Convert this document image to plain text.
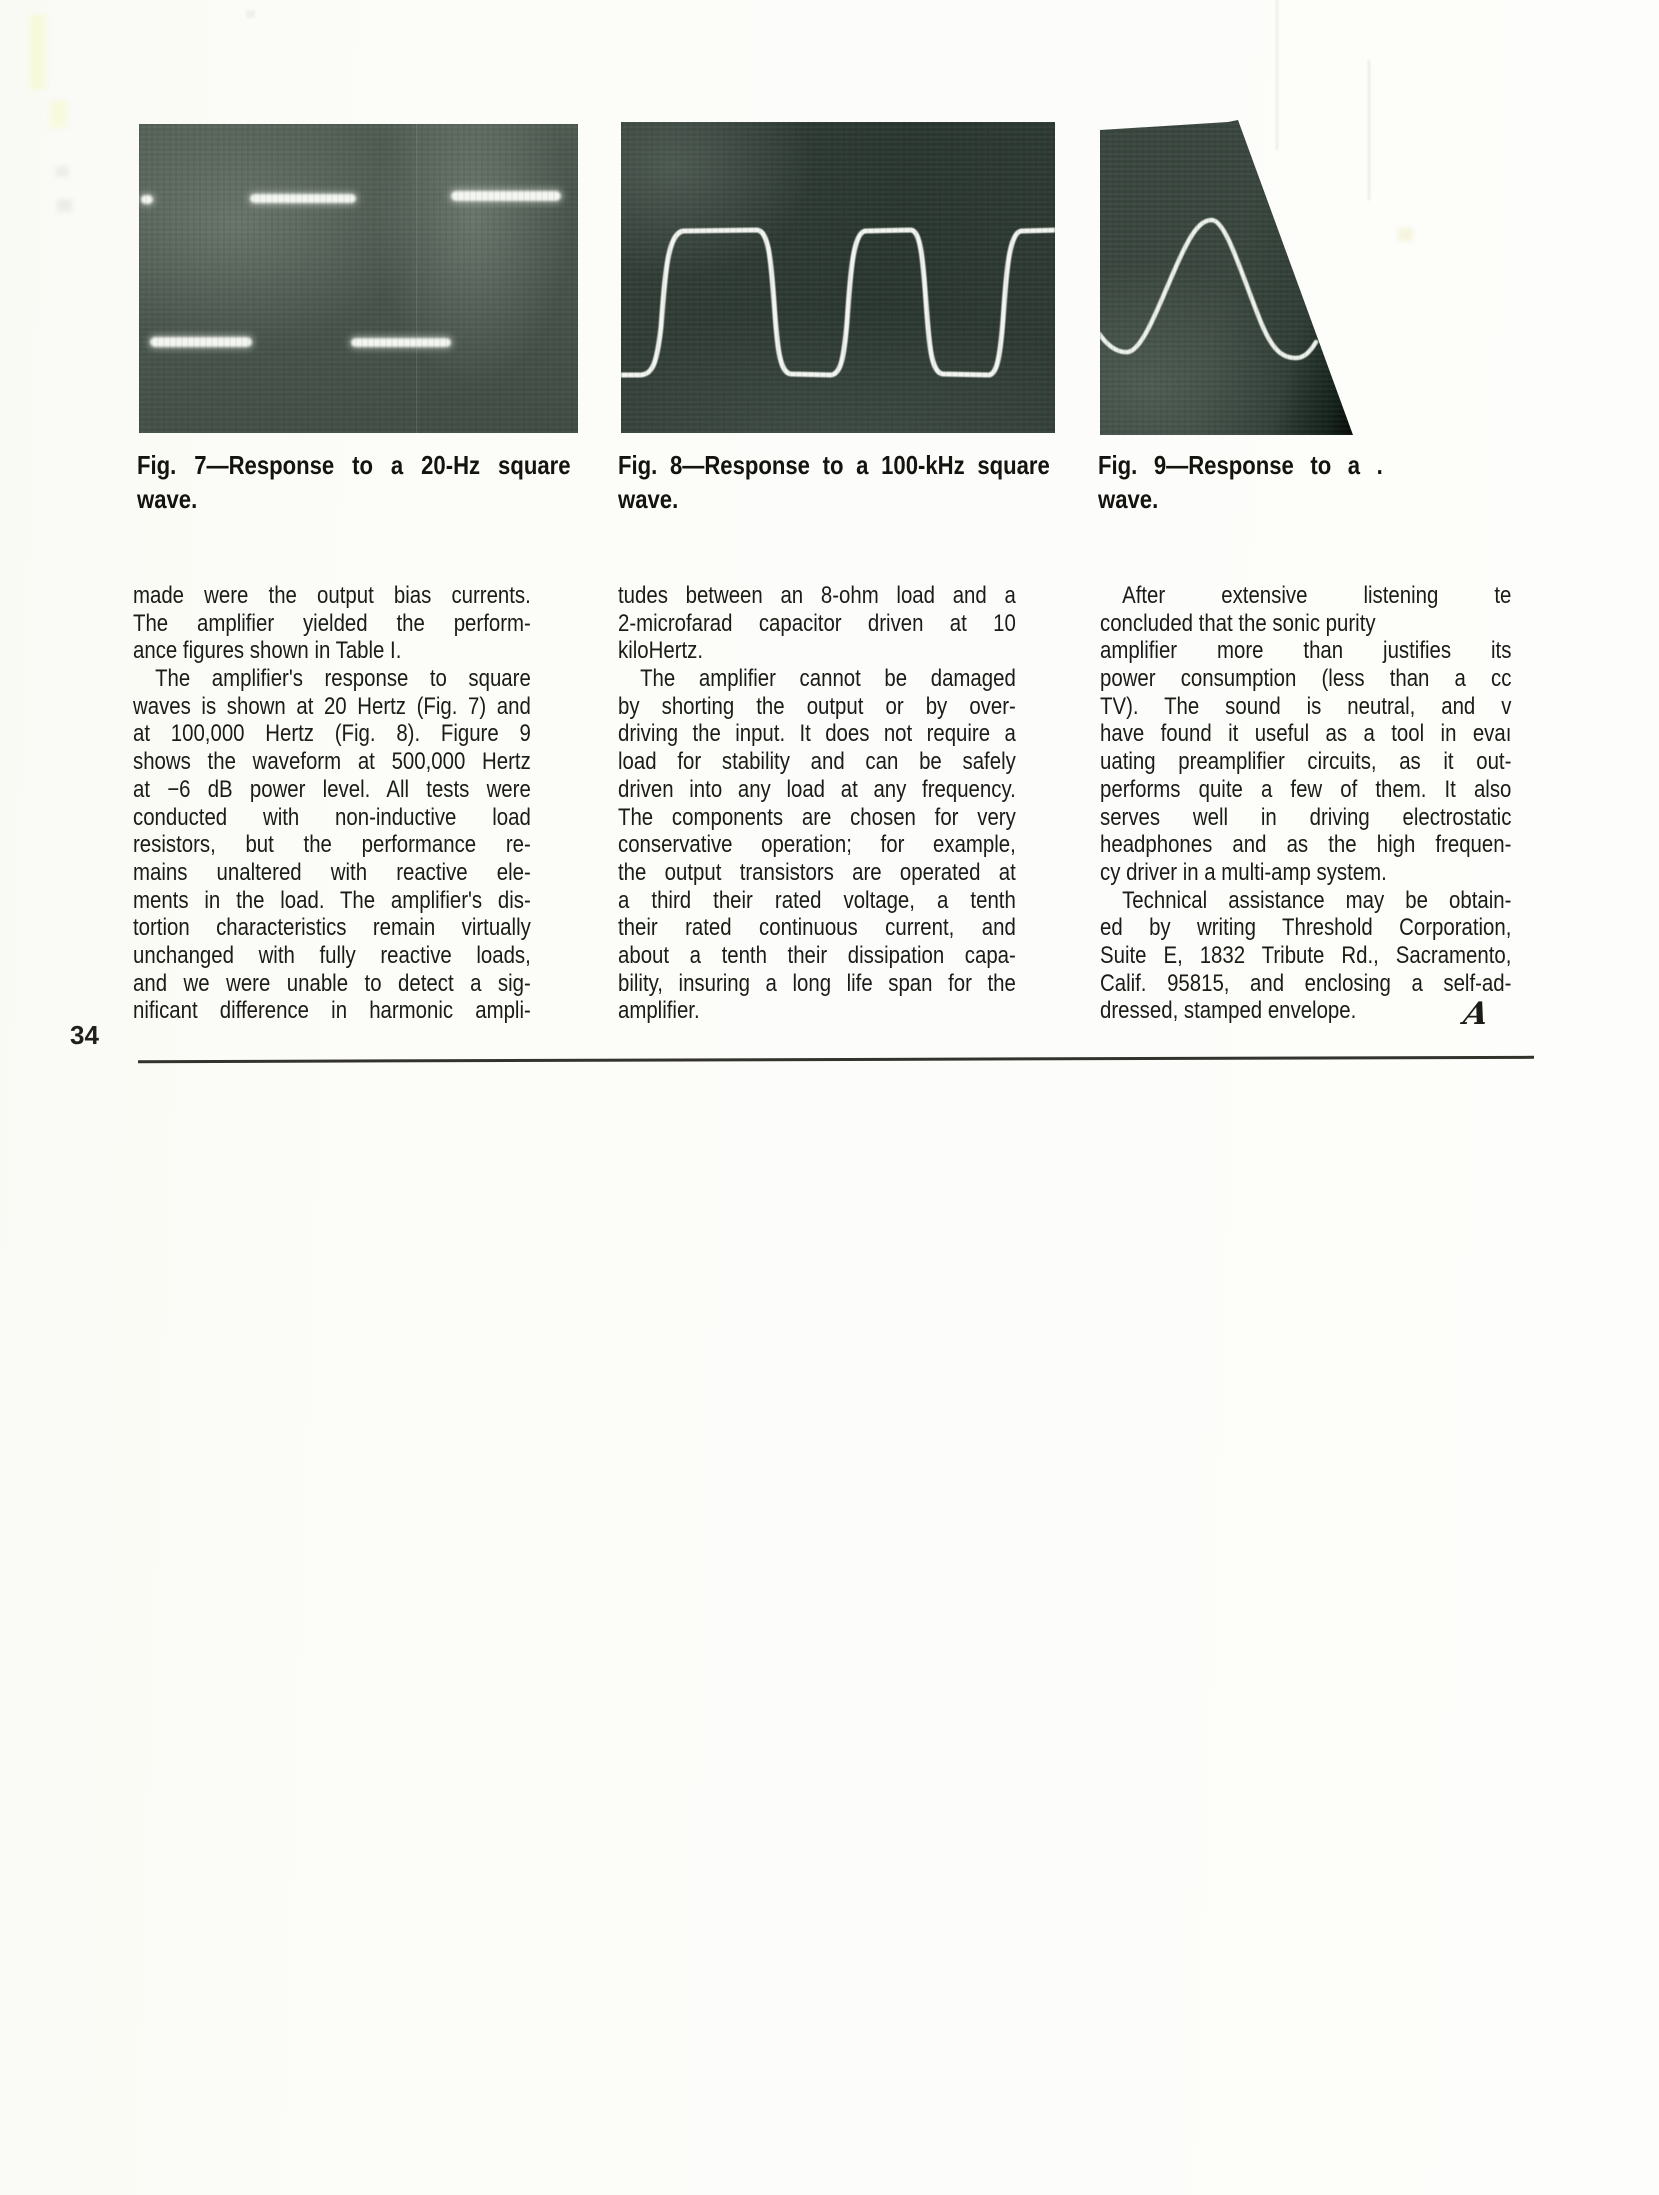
Fig. 7—Response to a 20-Hz square
wave.
Fig. 8—Response to a 100-kHz square
wave.
Fig. 9—Response to a .
wave.
made were the output bias currents.
The amplifier yielded the perform-
ance figures shown in Table I.
The amplifier's response to square
waves is shown at 20 Hertz (Fig. 7) and
at 100,000 Hertz (Fig. 8). Figure 9
shows the waveform at 500,000 Hertz
at −6 dB power level. All tests were
conducted with non-inductive load
resistors, but the performance re-
mains unaltered with reactive ele-
ments in the load. The amplifier's dis-
tortion characteristics remain virtually
unchanged with fully reactive loads,
and we were unable to detect a sig-
nificant difference in harmonic ampli-
tudes between an 8-ohm load and a
2-microfarad capacitor driven at 10
kiloHertz.
The amplifier cannot be damaged
by shorting the output or by over-
driving the input. It does not require a
load for stability and can be safely
driven into any load at any frequency.
The components are chosen for very
conservative operation; for example,
the output transistors are operated at
a third their rated voltage, a tenth
their rated continuous current, and
about a tenth their dissipation capa-
bility, insuring a long life span for the
amplifier.
After extensive listening te
concluded that the sonic purity
amplifier more than justifies its
power consumption (less than a cc
TV). The sound is neutral, and v
have found it useful as a tool in evaı
uating preamplifier circuits, as it out-
performs quite a few of them. It also
serves well in driving electrostatic
headphones and as the high frequen-
cy driver in a multi-amp system.
Technical assistance may be obtain-
ed by writing Threshold Corporation,
Suite E, 1832 Tribute Rd., Sacramento,
Calif. 95815, and enclosing a self-ad-
dressed, stamped envelope.	A
34
